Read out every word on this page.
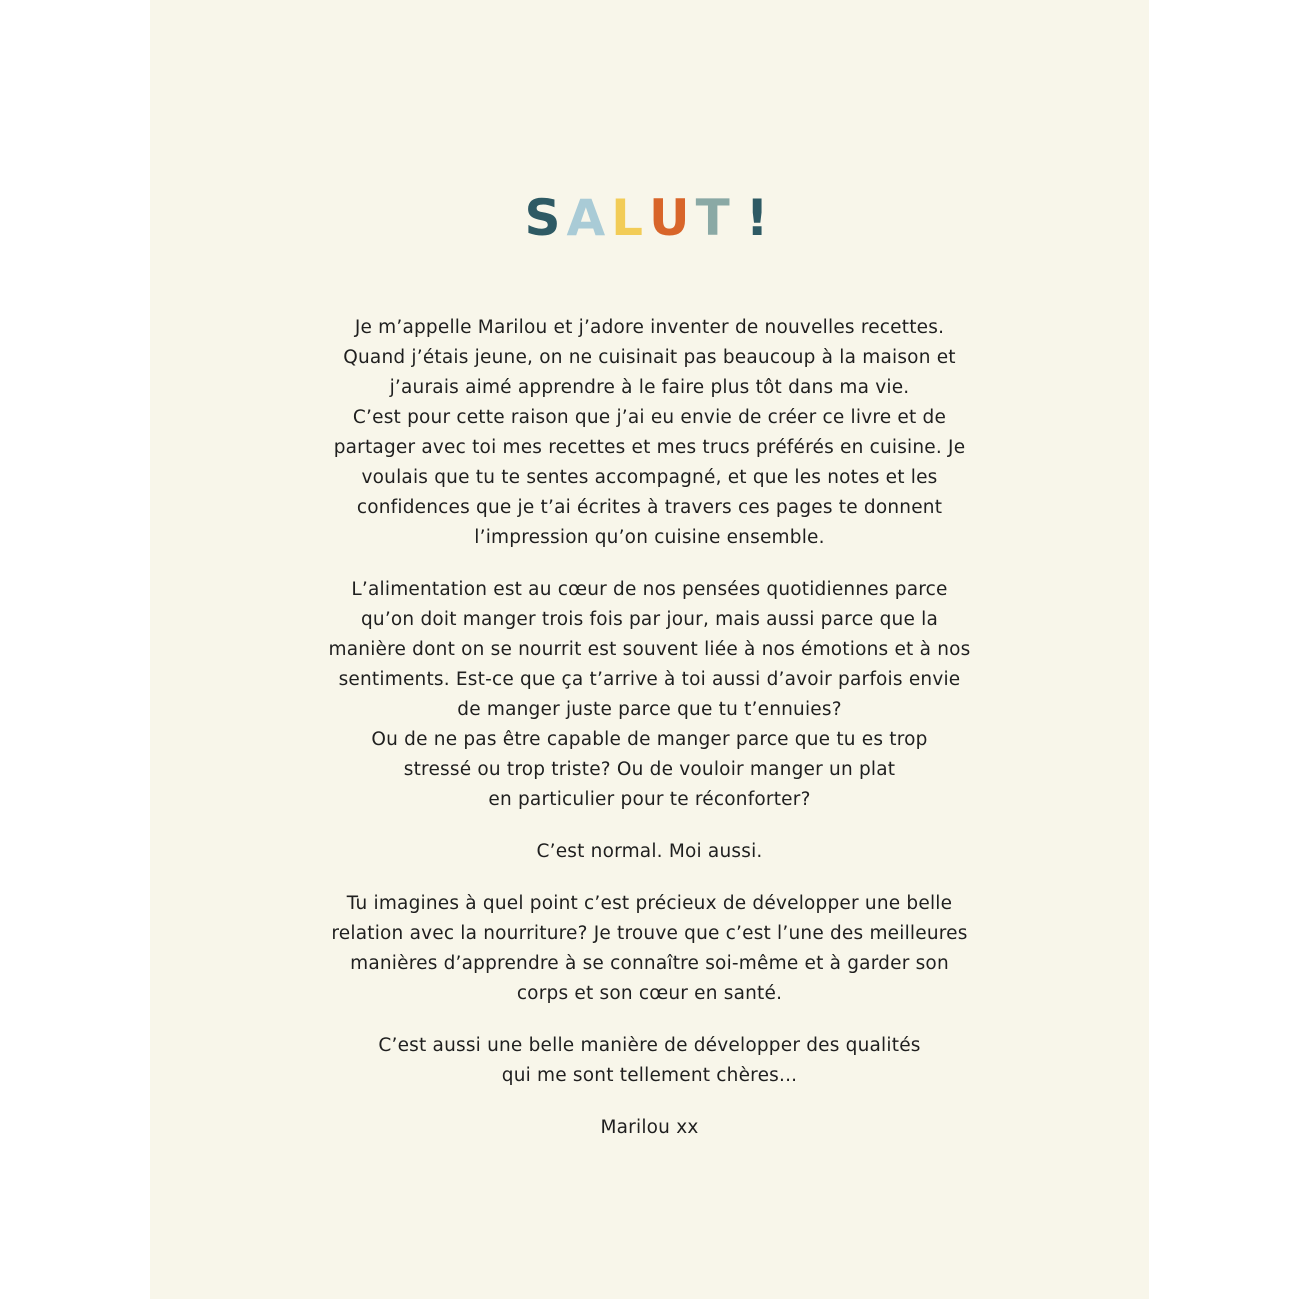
SALUT !

Je m’appelle Marilou et j’adore inventer de nouvelles recettes.
Quand j’étais jeune, on ne cuisinait pas beaucoup à la maison et
j’aurais aimé apprendre à le faire plus tôt dans ma vie.
C’est pour cette raison que j’ai eu envie de créer ce livre et de
partager avec toi mes recettes et mes trucs préférés en cuisine. Je
voulais que tu te sentes accompagné, et que les notes et les
confidences que je t’ai écrites à travers ces pages te donnent
l’impression qu’on cuisine ensemble.

L’alimentation est au cœur de nos pensées quotidiennes parce
qu’on doit manger trois fois par jour, mais aussi parce que la
manière dont on se nourrit est souvent liée à nos émotions et à nos
sentiments. Est-ce que ça t’arrive à toi aussi d’avoir parfois envie
de manger juste parce que tu t’ennuies?
Ou de ne pas être capable de manger parce que tu es trop
stressé ou trop triste? Ou de vouloir manger un plat
en particulier pour te réconforter?

C’est normal. Moi aussi.

Tu imagines à quel point c’est précieux de développer une belle
relation avec la nourriture? Je trouve que c’est l’une des meilleures
manières d’apprendre à se connaître soi-même et à garder son
corps et son cœur en santé.

C’est aussi une belle manière de développer des qualités
qui me sont tellement chères...

Marilou xx
